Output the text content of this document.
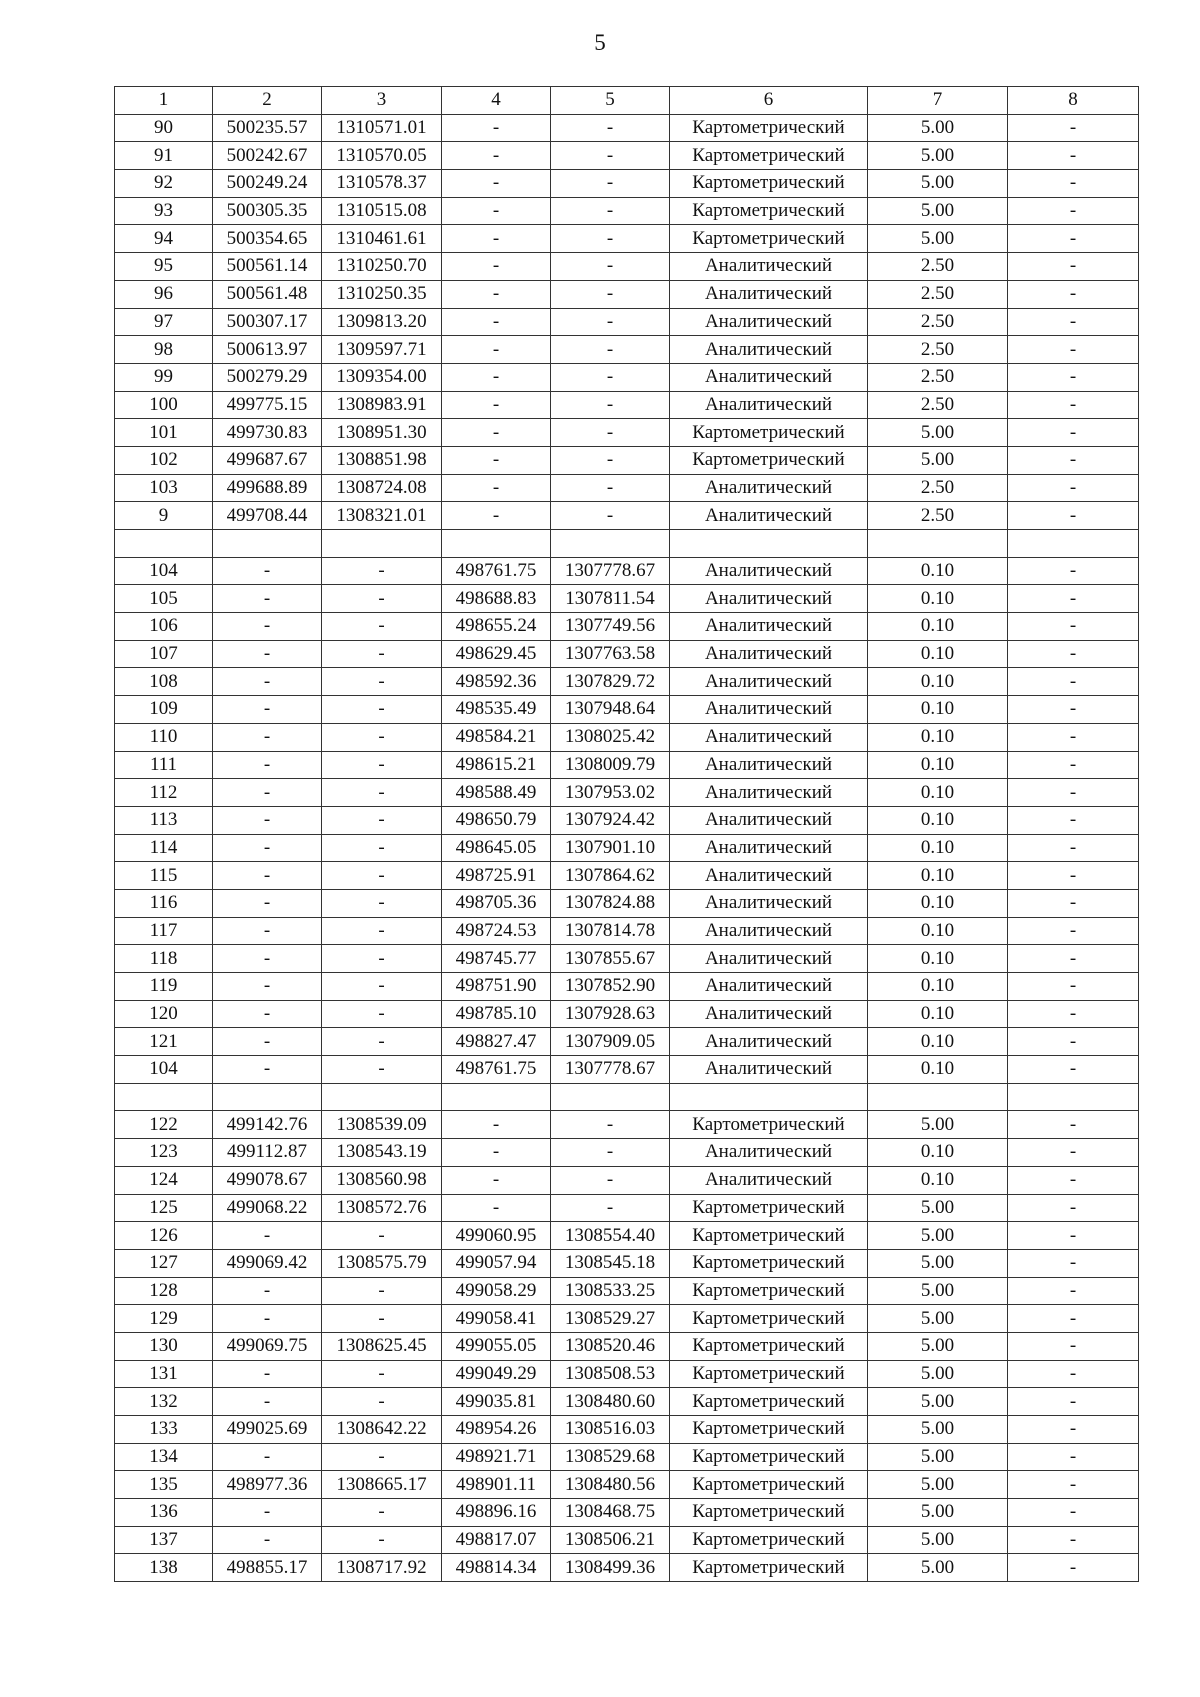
5
1	2	3	4	5	6	7	8
90	500235.57	1310571.01	-	-	Картометрический	5.00	-
91	500242.67	1310570.05	-	-	Картометрический	5.00	-
92	500249.24	1310578.37	-	-	Картометрический	5.00	-
93	500305.35	1310515.08	-	-	Картометрический	5.00	-
94	500354.65	1310461.61	-	-	Картометрический	5.00	-
95	500561.14	1310250.70	-	-	Аналитический	2.50	-
96	500561.48	1310250.35	-	-	Аналитический	2.50	-
97	500307.17	1309813.20	-	-	Аналитический	2.50	-
98	500613.97	1309597.71	-	-	Аналитический	2.50	-
99	500279.29	1309354.00	-	-	Аналитический	2.50	-
100	499775.15	1308983.91	-	-	Аналитический	2.50	-
101	499730.83	1308951.30	-	-	Картометрический	5.00	-
102	499687.67	1308851.98	-	-	Картометрический	5.00	-
103	499688.89	1308724.08	-	-	Аналитический	2.50	-
9	499708.44	1308321.01	-	-	Аналитический	2.50	-

104	-	-	498761.75	1307778.67	Аналитический	0.10	-
105	-	-	498688.83	1307811.54	Аналитический	0.10	-
106	-	-	498655.24	1307749.56	Аналитический	0.10	-
107	-	-	498629.45	1307763.58	Аналитический	0.10	-
108	-	-	498592.36	1307829.72	Аналитический	0.10	-
109	-	-	498535.49	1307948.64	Аналитический	0.10	-
110	-	-	498584.21	1308025.42	Аналитический	0.10	-
111	-	-	498615.21	1308009.79	Аналитический	0.10	-
112	-	-	498588.49	1307953.02	Аналитический	0.10	-
113	-	-	498650.79	1307924.42	Аналитический	0.10	-
114	-	-	498645.05	1307901.10	Аналитический	0.10	-
115	-	-	498725.91	1307864.62	Аналитический	0.10	-
116	-	-	498705.36	1307824.88	Аналитический	0.10	-
117	-	-	498724.53	1307814.78	Аналитический	0.10	-
118	-	-	498745.77	1307855.67	Аналитический	0.10	-
119	-	-	498751.90	1307852.90	Аналитический	0.10	-
120	-	-	498785.10	1307928.63	Аналитический	0.10	-
121	-	-	498827.47	1307909.05	Аналитический	0.10	-
104	-	-	498761.75	1307778.67	Аналитический	0.10	-

122	499142.76	1308539.09	-	-	Картометрический	5.00	-
123	499112.87	1308543.19	-	-	Аналитический	0.10	-
124	499078.67	1308560.98	-	-	Аналитический	0.10	-
125	499068.22	1308572.76	-	-	Картометрический	5.00	-
126	-	-	499060.95	1308554.40	Картометрический	5.00	-
127	499069.42	1308575.79	499057.94	1308545.18	Картометрический	5.00	-
128	-	-	499058.29	1308533.25	Картометрический	5.00	-
129	-	-	499058.41	1308529.27	Картометрический	5.00	-
130	499069.75	1308625.45	499055.05	1308520.46	Картометрический	5.00	-
131	-	-	499049.29	1308508.53	Картометрический	5.00	-
132	-	-	499035.81	1308480.60	Картометрический	5.00	-
133	499025.69	1308642.22	498954.26	1308516.03	Картометрический	5.00	-
134	-	-	498921.71	1308529.68	Картометрический	5.00	-
135	498977.36	1308665.17	498901.11	1308480.56	Картометрический	5.00	-
136	-	-	498896.16	1308468.75	Картометрический	5.00	-
137	-	-	498817.07	1308506.21	Картометрический	5.00	-
138	498855.17	1308717.92	498814.34	1308499.36	Картометрический	5.00	-
